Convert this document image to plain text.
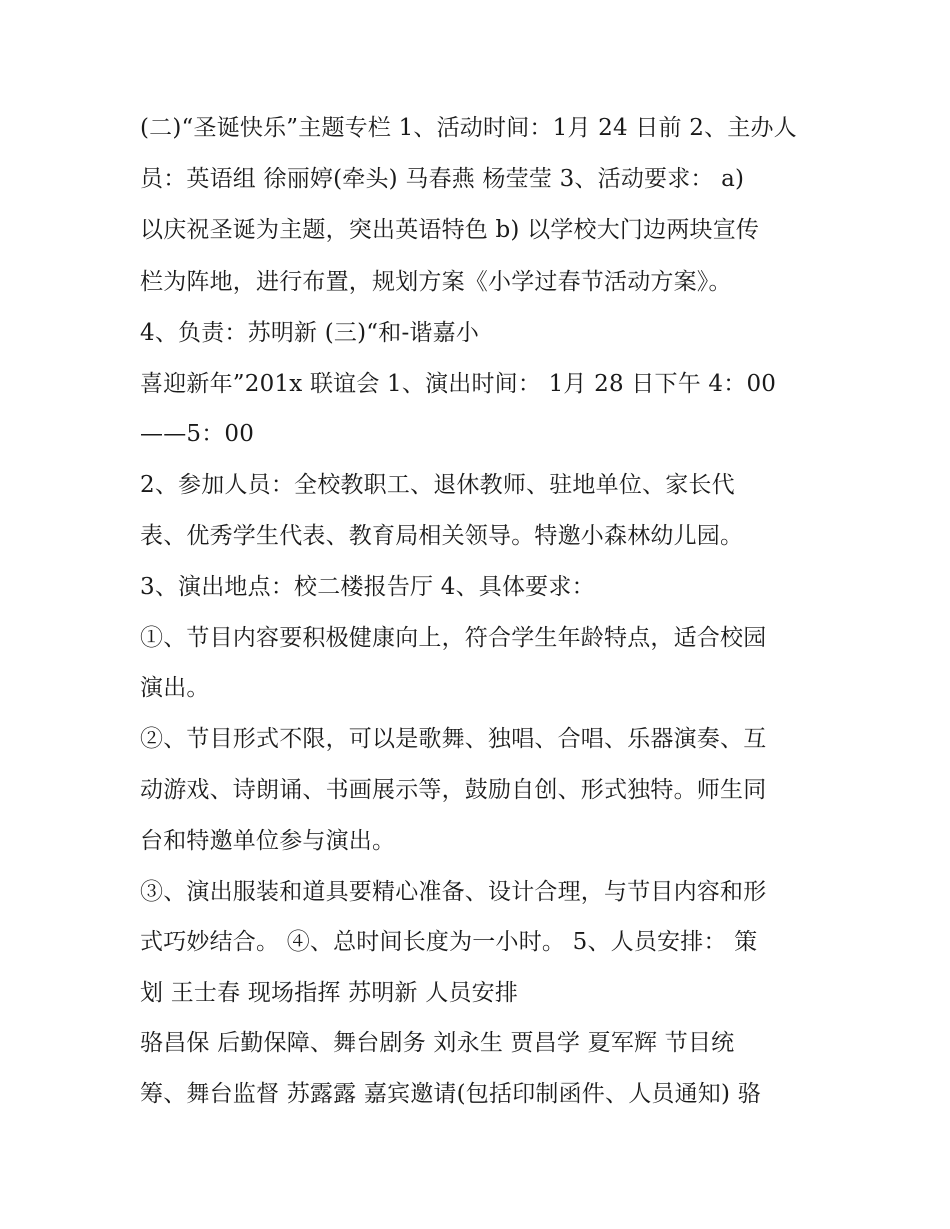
(二)“圣诞快乐”主题专栏 1、活动时间：1月 24 日前 2、主办人
员：英语组 徐丽婷(牵头) 马春燕 杨莹莹 3、活动要求： a)
以庆祝圣诞为主题，突出英语特色 b) 以学校大门边两块宣传
栏为阵地，进行布置，规划方案《小学过春节活动方案》。
4、负责：苏明新 (三)“和-谐嘉小
喜迎新年”201x 联谊会 1、演出时间： 1月 28 日下午 4：00
——5：00
2、参加人员：全校教职工、退休教师、驻地单位、家长代
表、优秀学生代表、教育局相关领导。特邀小森林幼儿园。
3、演出地点：校二楼报告厅 4、具体要求：
①、节目内容要积极健康向上，符合学生年龄特点，适合校园
演出。
②、节目形式不限，可以是歌舞、独唱、合唱、乐器演奏、互
动游戏、诗朗诵、书画展示等，鼓励自创、形式独特。师生同
台和特邀单位参与演出。
③、演出服装和道具要精心准备、设计合理，与节目内容和形
式巧妙结合。 ④、总时间长度为一小时。 5、人员安排： 策
划 王士春 现场指挥 苏明新 人员安排
骆昌保 后勤保障、舞台剧务 刘永生 贾昌学 夏军辉 节目统
筹、舞台监督 苏露露 嘉宾邀请(包括印制函件、人员通知) 骆
